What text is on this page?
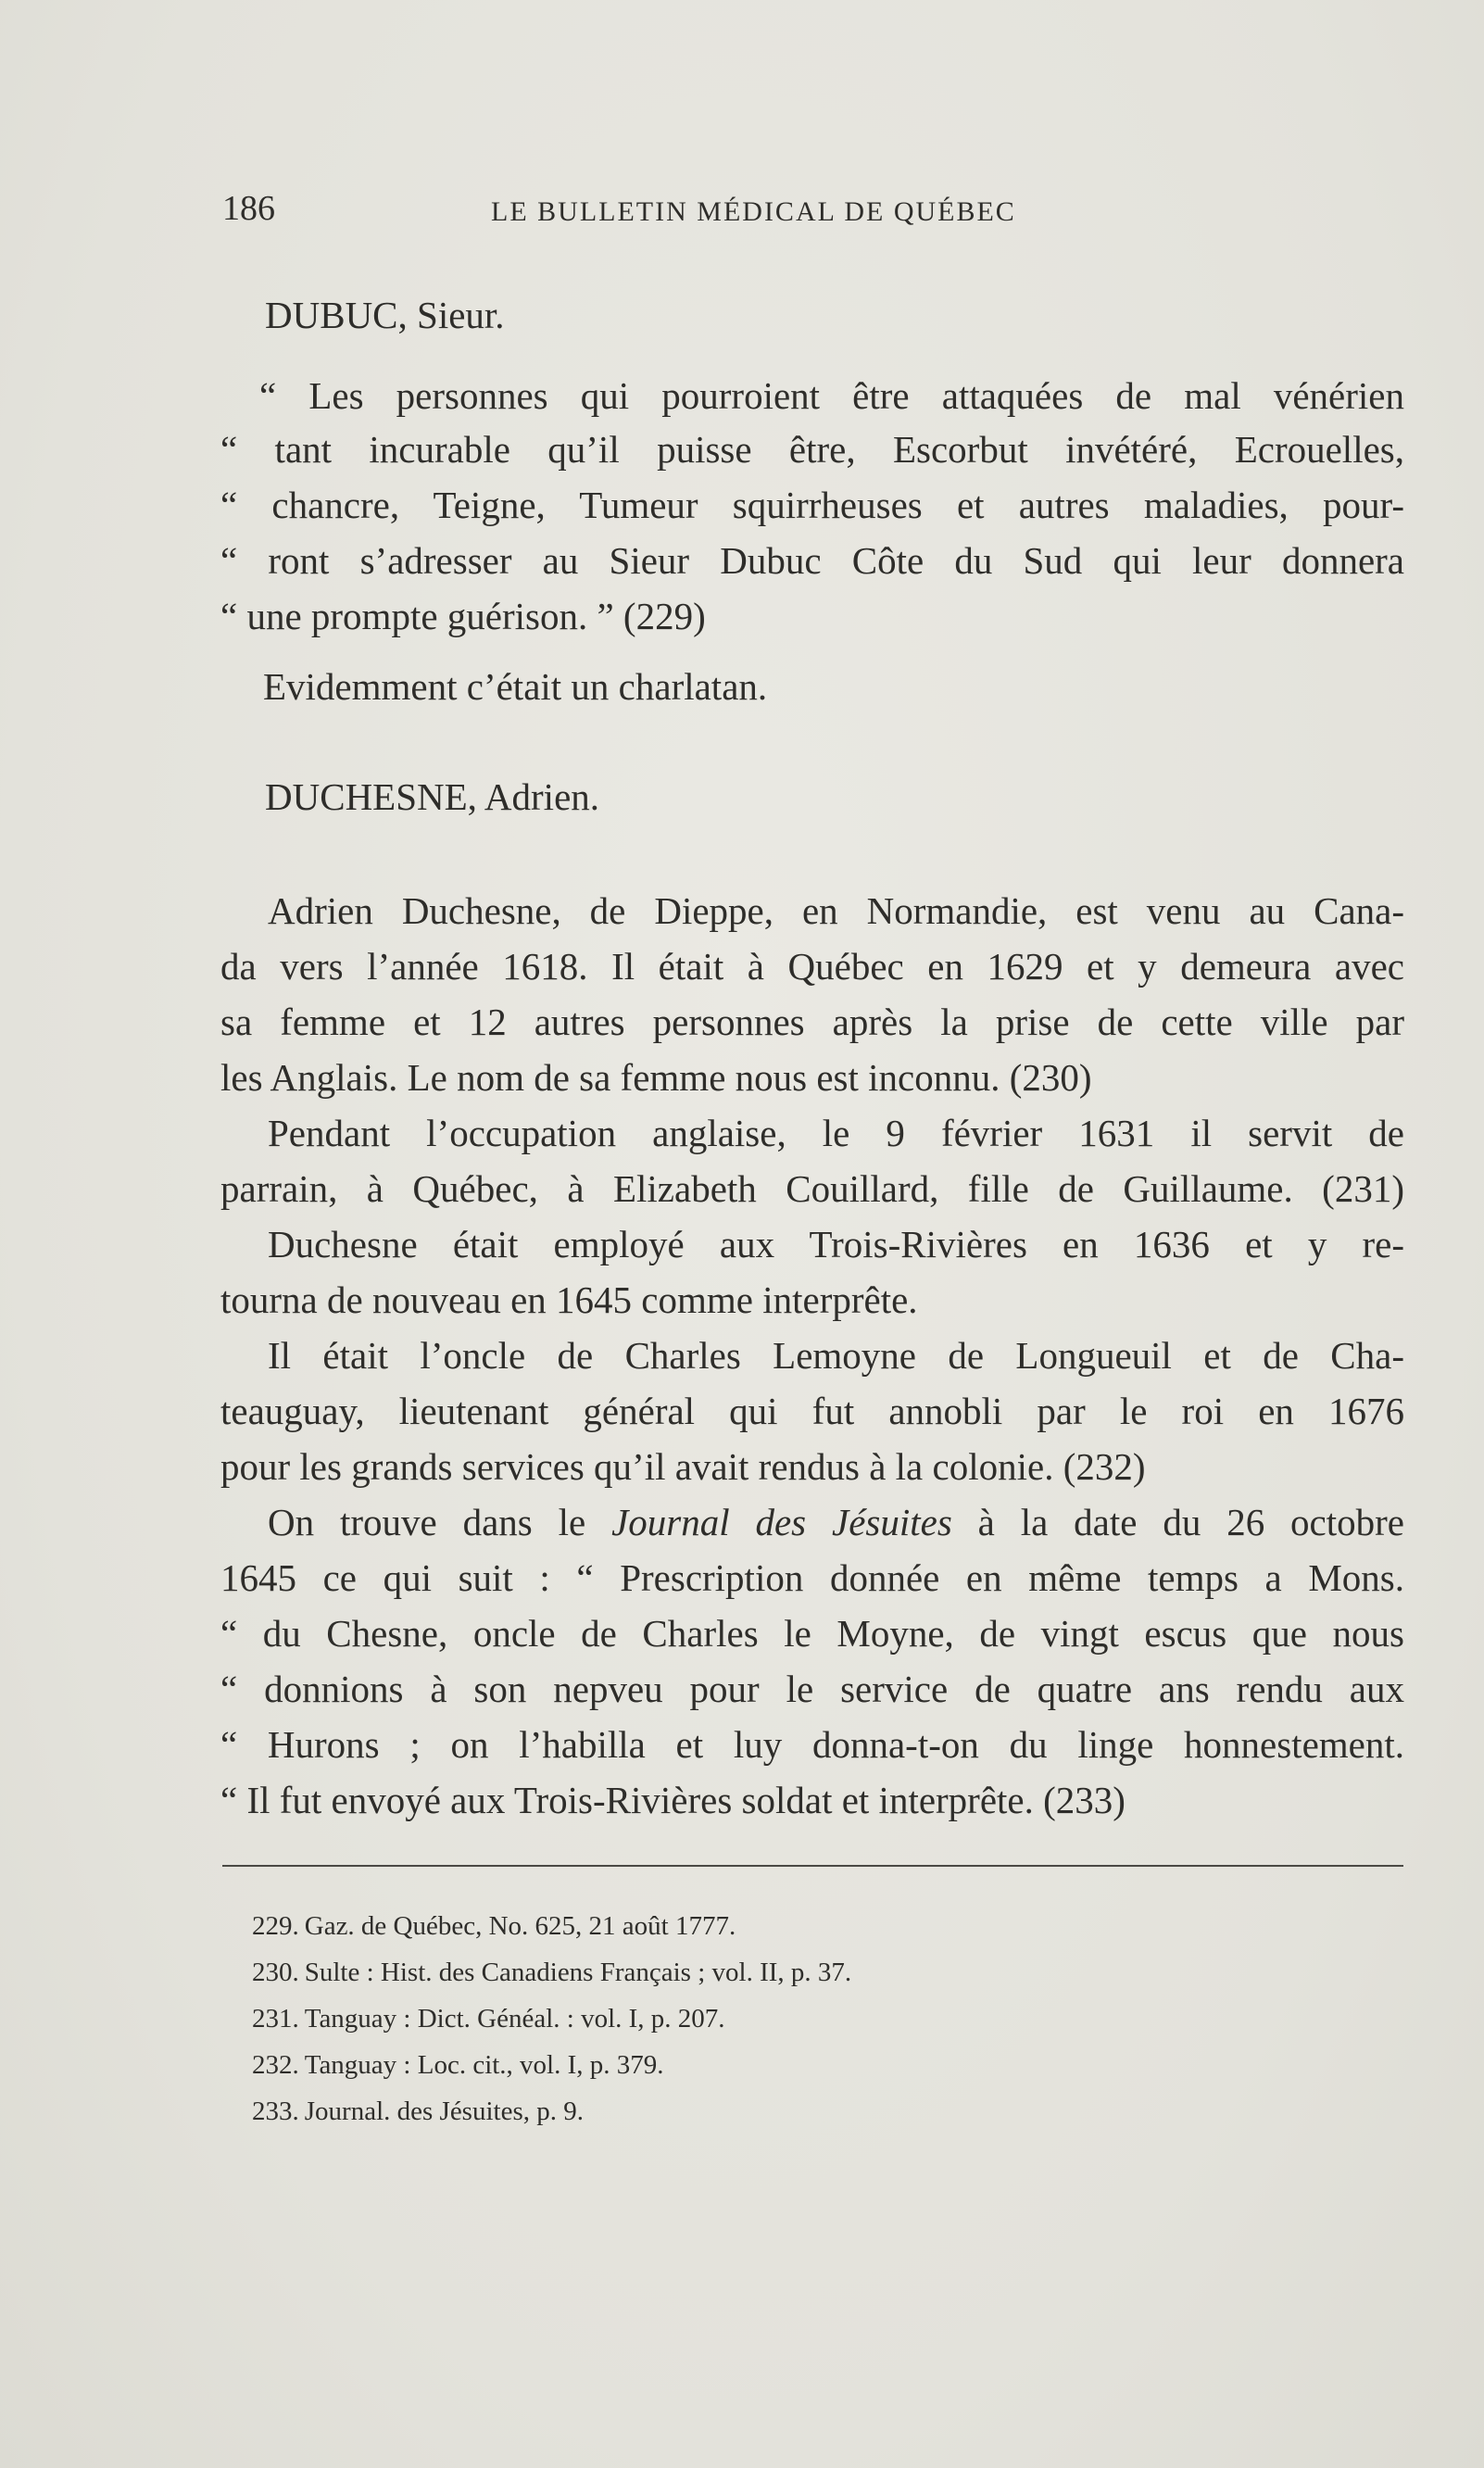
186	LE BULLETIN MÉDICAL DE QUÉBEC
DUBUC, Sieur.
“ Les personnes qui pourroient être attaquées de mal vénérien
“ tant incurable qu’il puisse être, Escorbut invétéré, Ecrouelles,
“ chancre, Teigne, Tumeur squirrheuses et autres maladies, pour-
“ ront s’adresser au Sieur Dubuc Côte du Sud qui leur donnera
“ une prompte guérison. ” (229)
Evidemment c’était un charlatan.
DUCHESNE, Adrien.
Adrien Duchesne, de Dieppe, en Normandie, est venu au Cana-
da vers l’année 1618. Il était à Québec en 1629 et y demeura avec
sa femme et 12 autres personnes après la prise de cette ville par
les Anglais. Le nom de sa femme nous est inconnu. (230)
Pendant l’occupation anglaise, le 9 février 1631 il servit de
parrain, à Québec, à Elizabeth Couillard, fille de Guillaume. (231)
Duchesne était employé aux Trois-Rivières en 1636 et y re-
tourna de nouveau en 1645 comme interprête.
Il était l’oncle de Charles Lemoyne de Longueuil et de Cha-
teauguay, lieutenant général qui fut annobli par le roi en 1676
pour les grands services qu’il avait rendus à la colonie. (232)
On trouve dans le Journal des Jésuites à la date du 26 octobre
1645 ce qui suit : “ Prescription donnée en même temps a Mons.
“ du Chesne, oncle de Charles le Moyne, de vingt escus que nous
“ donnions à son nepveu pour le service de quatre ans rendu aux
“ Hurons ; on l’habilla et luy donna-t-on du linge honnestement.
“ Il fut envoyé aux Trois-Rivières soldat et interprête. (233)
229. Gaz. de Québec, No. 625, 21 août 1777.
230. Sulte : Hist. des Canadiens Français ; vol. II, p. 37.
231. Tanguay : Dict. Généal. : vol. I, p. 207.
232. Tanguay : Loc. cit., vol. I, p. 379.
233. Journal. des Jésuites, p. 9.
